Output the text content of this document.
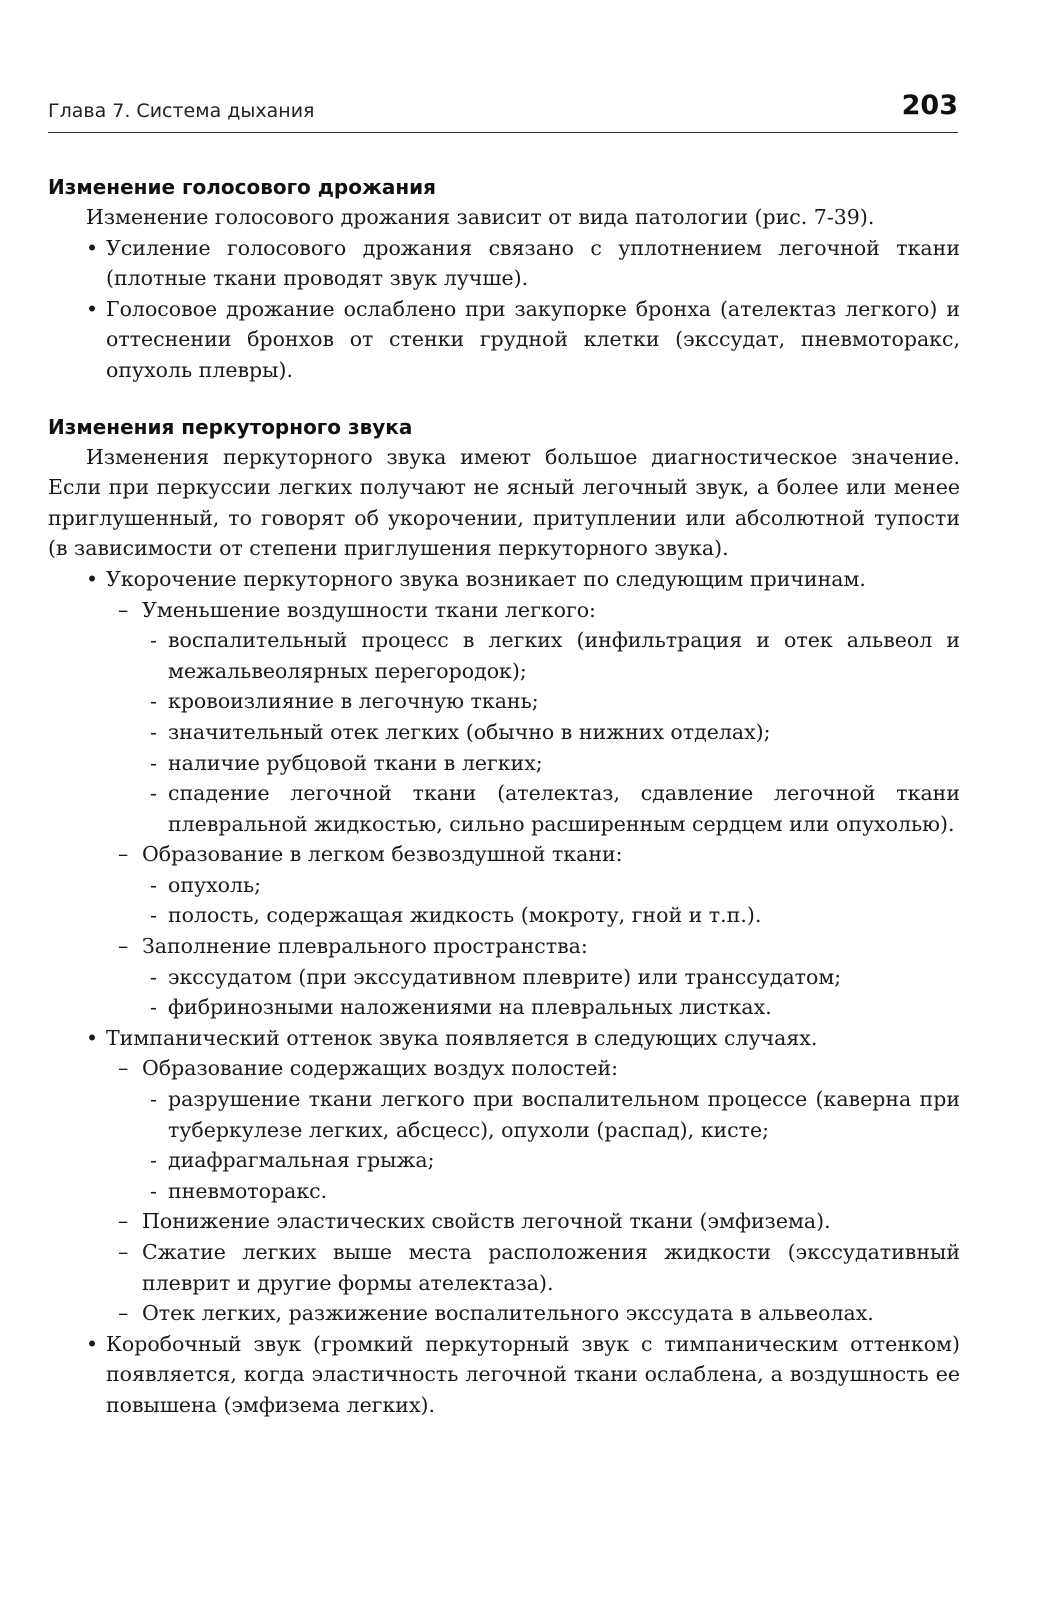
Глава 7. Система дыхания	203
Изменение голосового дрожания

Изменение голосового дрожания зависит от вида патологии (рис. 7-39).

• Усиление голосового дрожания связано с уплотнением легочной ткани (плотные ткани проводят звук лучше).
• Голосовое дрожание ослаблено при закупорке бронха (ателектаз легкого) и оттеснении бронхов от стенки грудной клетки (экссудат, пневмоторакс, опухоль плевры).
Изменения перкуторного звука

Изменения перкуторного звука имеют большое диагностическое значение. Если при перкуссии легких получают не ясный легочный звук, а более или менее приглушенный, то говорят об укорочении, притуплении или абсолютной тупости (в зависимости от степени приглушения перкуторного звука).

• Укорочение перкуторного звука возникает по следующим причинам.
– Уменьшение воздушности ткани легкого:
- воспалительный процесс в легких (инфильтрация и отек альвеол и межальвеолярных перегородок);
- кровоизлияние в легочную ткань;
- значительный отек легких (обычно в нижних отделах);
- наличие рубцовой ткани в легких;
- спадение легочной ткани (ателектаз, сдавление легочной ткани плевральной жидкостью, сильно расширенным сердцем или опухолью).
– Образование в легком безвоздушной ткани:
- опухоль;
- полость, содержащая жидкость (мокроту, гной и т.п.).
– Заполнение плеврального пространства:
- экссудатом (при экссудативном плеврите) или транссудатом;
- фибринозными наложениями на плевральных листках.
• Тимпанический оттенок звука появляется в следующих случаях.
– Образование содержащих воздух полостей:
- разрушение ткани легкого при воспалительном процессе (каверна при туберкулезе легких, абсцесс), опухоли (распад), кисте;
- диафрагмальная грыжа;
- пневмоторакс.
– Понижение эластических свойств легочной ткани (эмфизема).
– Сжатие легких выше места расположения жидкости (экссудативный плеврит и другие формы ателектаза).
– Отек легких, разжижение воспалительного экссудата в альвеолах.
• Коробочный звук (громкий перкуторный звук с тимпаническим оттенком) появляется, когда эластичность легочной ткани ослаблена, а воздушность ее повышена (эмфизема легких).
